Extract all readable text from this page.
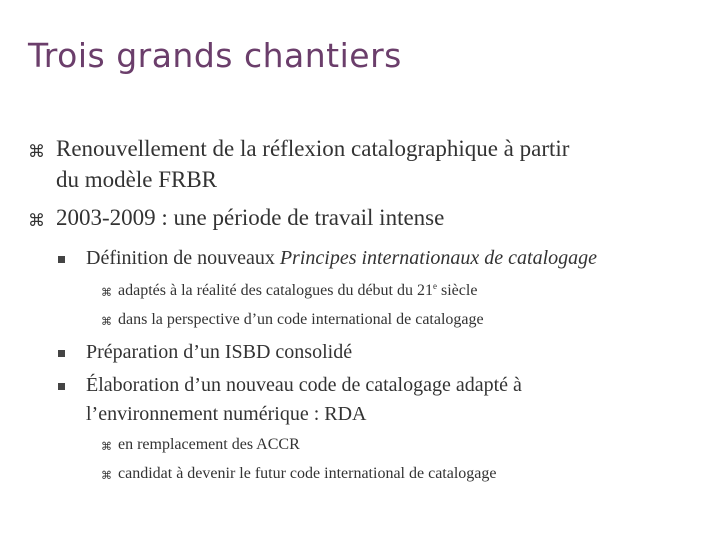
Trois grands chantiers
⌘ Renouvellement de la réflexion catalographique à partir
du modèle FRBR
⌘ 2003-2009 : une période de travail intense
Définition de nouveaux Principes internationaux de catalogage
⌘ adaptés à la réalité des catalogues du début du 21e siècle
⌘ dans la perspective d’un code international de catalogage
Préparation d’un ISBD consolidé
Élaboration d’un nouveau code de catalogage adapté à
l’environnement numérique : RDA
⌘ en remplacement des ACCR
⌘ candidat à devenir le futur code international de catalogage
